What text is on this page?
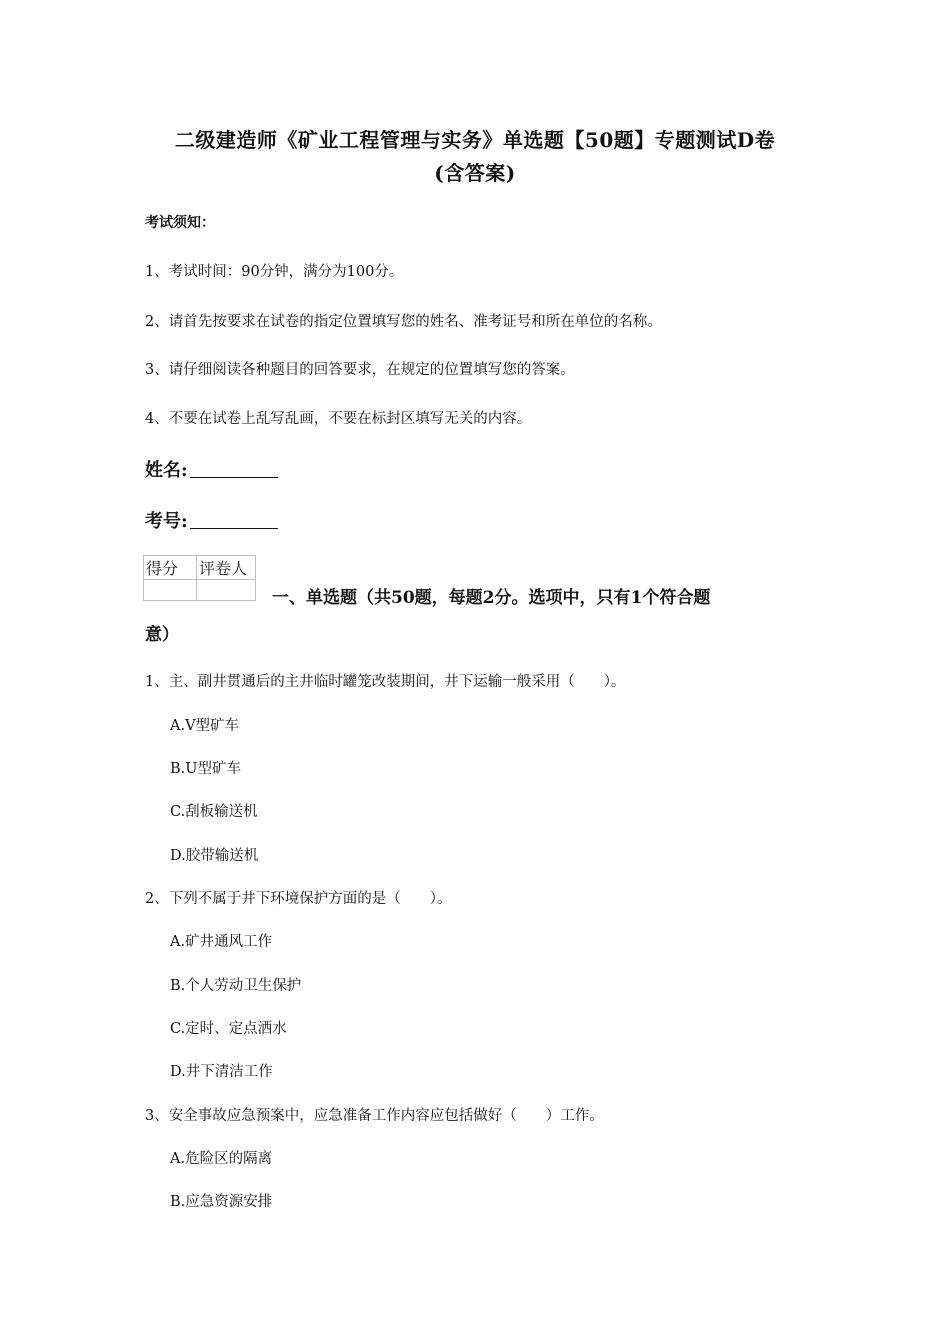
二级建造师《矿业工程管理与实务》单选题【50题】专题测试D卷
(含答案)
考试须知：
1、考试时间：90分钟，满分为100分。
2、请首先按要求在试卷的指定位置填写您的姓名、准考证号和所在单位的名称。
3、请仔细阅读各种题目的回答要求，在规定的位置填写您的答案。
4、不要在试卷上乱写乱画，不要在标封区填写无关的内容。
姓名:
考号:
得分	评卷人

一、单选题（共50题，每题2分。选项中，只有1个符合题
意）
1、主、副井贯通后的主井临时罐笼改装期间，井下运输一般采用（　　）。
A.V型矿车
B.U型矿车
C.刮板输送机
D.胶带输送机
2、下列不属于井下环境保护方面的是（　　）。
A.矿井通风工作
B.个人劳动卫生保护
C.定时、定点洒水
D.井下清洁工作
3、安全事故应急预案中，应急准备工作内容应包括做好（　　）工作。
A.危险区的隔离
B.应急资源安排
